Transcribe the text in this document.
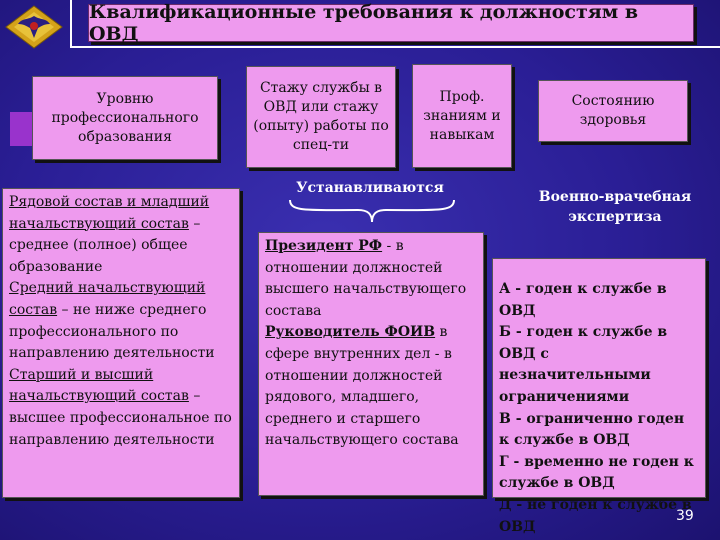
Квалификационные требования к должностям в ОВД
Уровню профессионального образования
Стажу службы в ОВД или стажу (опыту) работы по спец-ти
Проф. знаниям и навыкам
Состоянию здоровья
Устанавливаются
Военно-врачебная экспертиза

Рядовой состав и младший начальствующий состав – среднее (полное) общее образование

Средний начальствующий состав – не ниже среднего профессионального по направлению деятельности

Старший и высший начальствующий состав – высшее профессиональное по направлению деятельности

Президент РФ - в отношении должностей высшего начальствующего состава

Руководитель ФОИВ в сфере внутренних дел - в отношении должностей рядового, младшего, среднего и старшего начальствующего состава

А - годен к службе в ОВД

Б - годен к службе в ОВД с незначительными ограничениями

В - ограниченно годен к службе в ОВД

Г - временно не годен к службе в ОВД

Д - не годен к службе в ОВД

39
